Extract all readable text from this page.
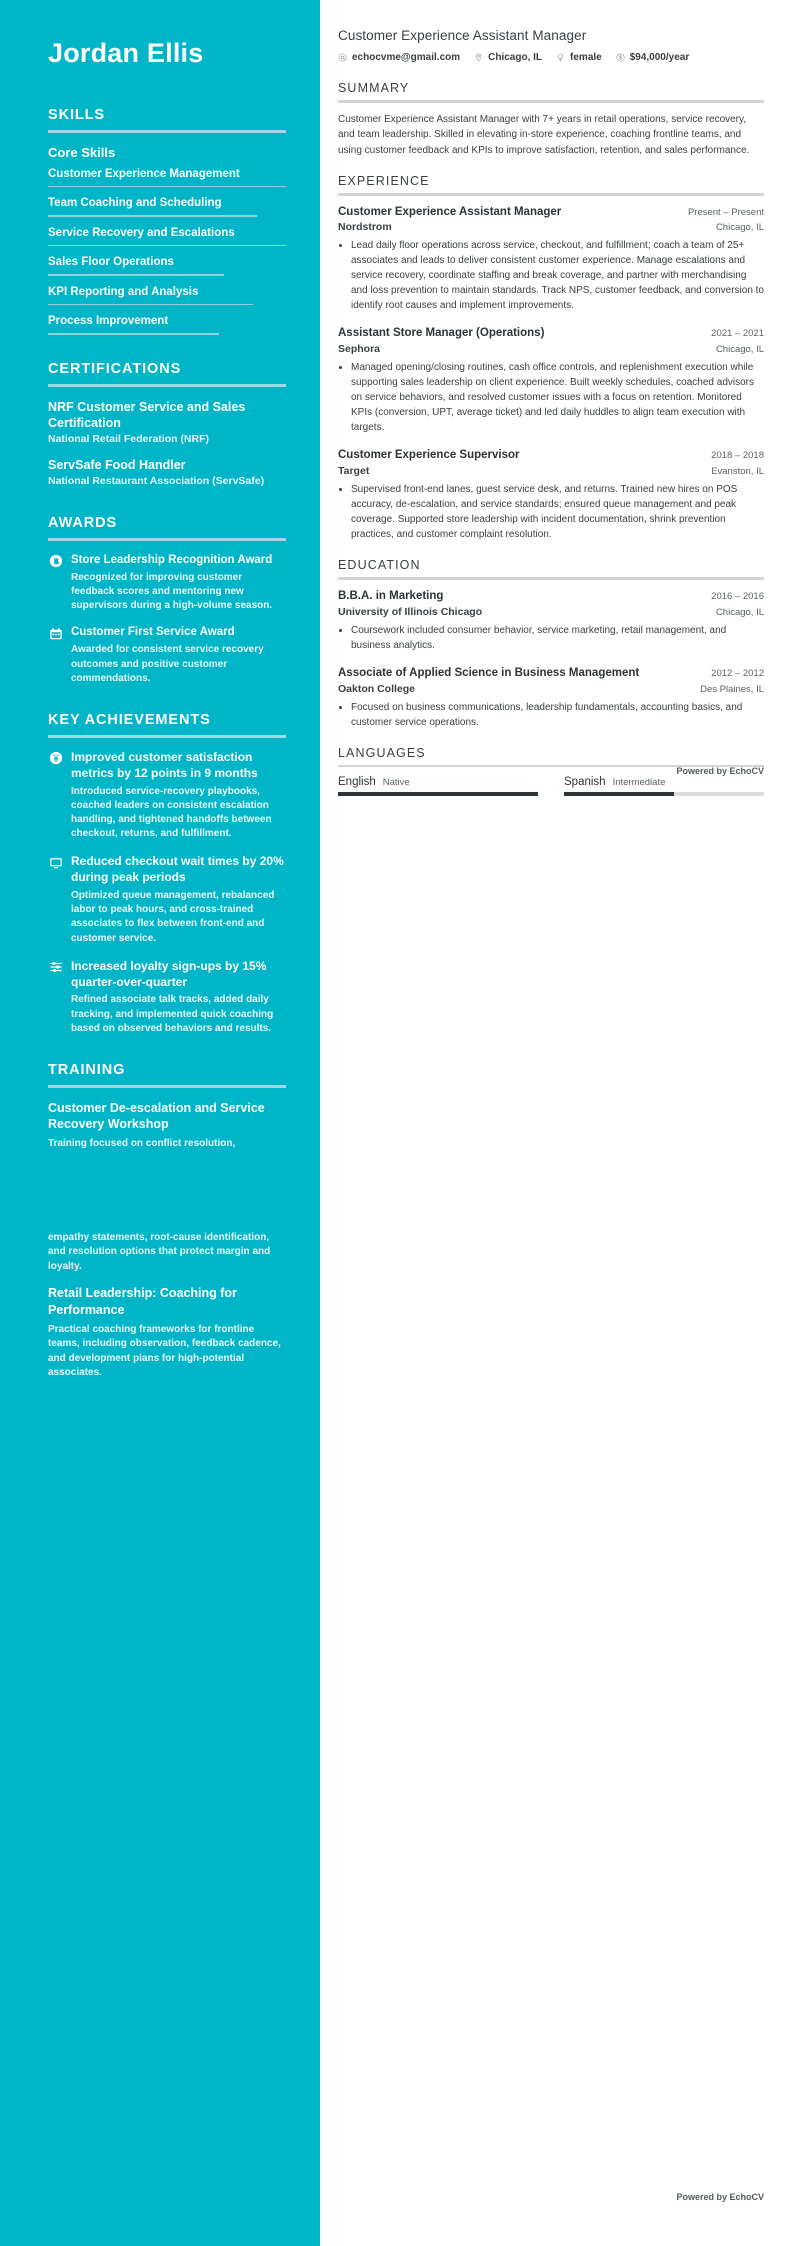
Jordan Ellis
SKILLS
Core Skills
Customer Experience Management
Team Coaching and Scheduling
Service Recovery and Escalations
Sales Floor Operations
KPI Reporting and Analysis
Process Improvement
CERTIFICATIONS
NRF Customer Service and Sales Certification
National Retail Federation (NRF)
ServSafe Food Handler
National Restaurant Association (ServSafe)
AWARDS
Store Leadership Recognition Award
Recognized for improving customer feedback scores and mentoring new supervisors during a high-volume season.
Customer First Service Award
Awarded for consistent service recovery outcomes and positive customer commendations.
KEY ACHIEVEMENTS
Improved customer satisfaction metrics by 12 points in 9 months
Introduced service-recovery playbooks, coached leaders on consistent escalation handling, and tightened handoffs between checkout, returns, and fulfillment.
Reduced checkout wait times by 20% during peak periods
Optimized queue management, rebalanced labor to peak hours, and cross-trained associates to flex between front-end and customer service.
Increased loyalty sign-ups by 15% quarter-over-quarter
Refined associate talk tracks, added daily tracking, and implemented quick coaching based on observed behaviors and results.
TRAINING
Customer De-escalation and Service Recovery Workshop
Training focused on conflict resolution,
empathy statements, root-cause identification, and resolution options that protect margin and loyalty.
Retail Leadership: Coaching for Performance
Practical coaching frameworks for frontline teams, including observation, feedback cadence, and development plans for high-potential associates.
Customer Experience Assistant Manager
echocvme@gmail.com	Chicago, IL	female	$94,000/year
SUMMARY

Customer Experience Assistant Manager with 7+ years in retail operations, service recovery, and team leadership. Skilled in elevating in-store experience, coaching frontline teams, and using customer feedback and KPIs to improve satisfaction, retention, and sales performance.

EXPERIENCE
Customer Experience Assistant Manager	Present – Present
Nordstrom	Chicago, IL
• Lead daily floor operations across service, checkout, and fulfillment; coach a team of 25+ associates and leads to deliver consistent customer experience. Manage escalations and service recovery, coordinate staffing and break coverage, and partner with merchandising and loss prevention to maintain standards. Track NPS, customer feedback, and conversion to identify root causes and implement improvements.
Assistant Store Manager (Operations)	2021 – 2021
Sephora	Chicago, IL
• Managed opening/closing routines, cash office controls, and replenishment execution while supporting sales leadership on client experience. Built weekly schedules, coached advisors on service behaviors, and resolved customer issues with a focus on retention. Monitored KPIs (conversion, UPT, average ticket) and led daily huddles to align team execution with targets.
Customer Experience Supervisor	2018 – 2018
Target	Evanston, IL
• Supervised front-end lanes, guest service desk, and returns. Trained new hires on POS accuracy, de-escalation, and service standards; ensured queue management and peak coverage. Supported store leadership with incident documentation, shrink prevention practices, and customer complaint resolution.
EDUCATION
B.B.A. in Marketing	2016 – 2016
University of Illinois Chicago	Chicago, IL
• Coursework included consumer behavior, service marketing, retail management, and business analytics.
Associate of Applied Science in Business Management	2012 – 2012
Oakton College	Des Plaines, IL
• Focused on business communications, leadership fundamentals, accounting basics, and customer service operations.
LANGUAGES
English Native	Spanish Intermediate
Powered by EchoCV
Powered by EchoCV
